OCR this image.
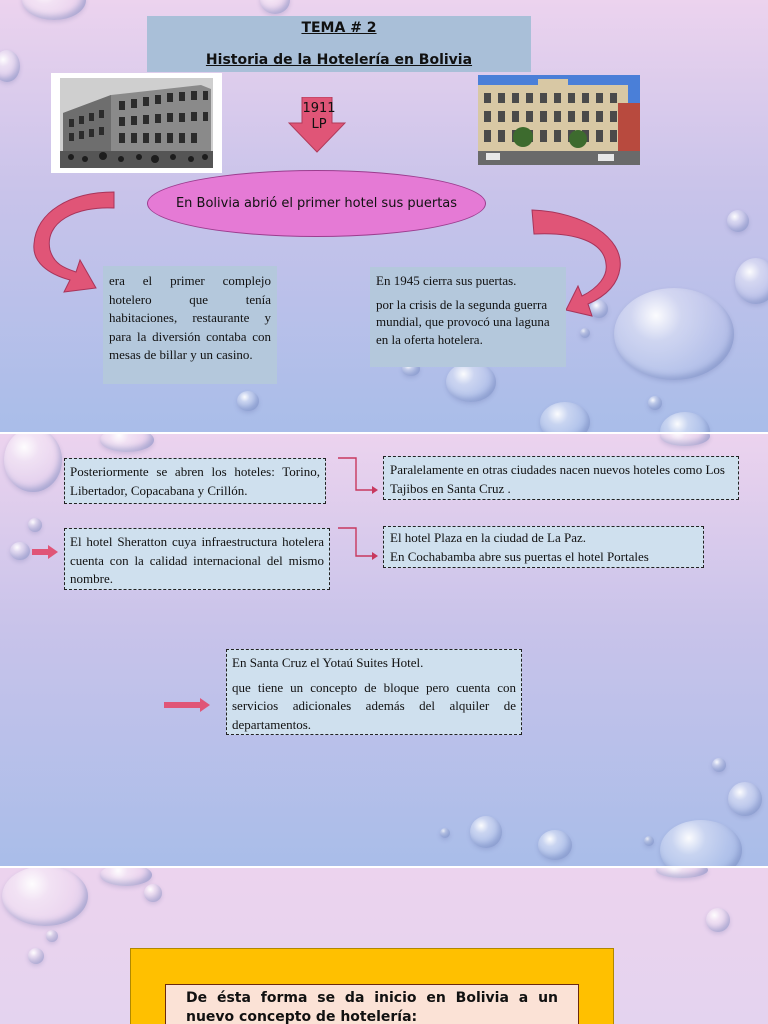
TEMA # 2
Historia de la Hotelería en Bolivia
1911
LP
En Bolivia abrió el primer hotel sus puertas

era el primer complejo hotelero que tenía habitaciones, restaurante y para la diversión contaba con mesas de billar y un casino.

En 1945 cierra sus puertas.

por la crisis de la segunda guerra mundial, que provocó una laguna en la oferta hotelera.

Posteriormente se abren los hoteles: Torino, Libertador, Copacabana y Crillón.

Paralelamente en otras ciudades nacen nuevos hoteles como Los Tajibos en Santa Cruz .

El hotel Sheratton cuya infraestructura hotelera cuenta con la calidad internacional del mismo nombre.

El hotel Plaza en la ciudad de La Paz.

En Cochabamba abre sus puertas el hotel Portales

En Santa Cruz el Yotaú Suites Hotel.

que tiene un concepto de bloque pero cuenta con servicios adicionales además del alquiler de departamentos.

De ésta forma se da inicio en Bolivia a un nuevo concepto de hotelería:
